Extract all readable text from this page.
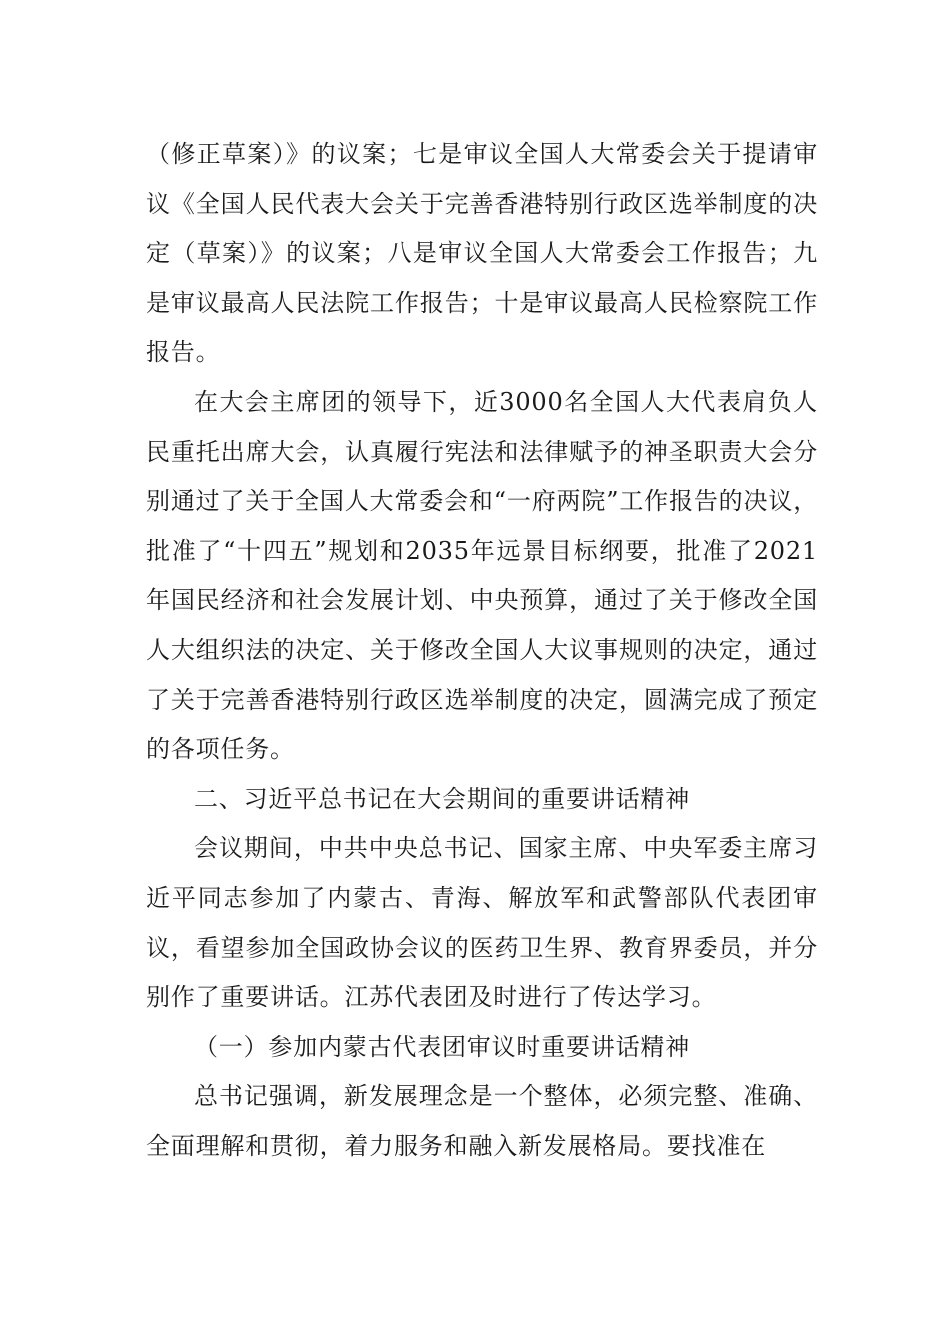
（修正草案）》的议案；七是审议全国人大常委会关于提请审议《全国人民代表大会关于完善香港特别行政区选举制度的决定（草案）》的议案；八是审议全国人大常委会工作报告；九是审议最高人民法院工作报告；十是审议最高人民检察院工作报告。

在大会主席团的领导下，近3000名全国人大代表肩负人民重托出席大会，认真履行宪法和法律赋予的神圣职责大会分别通过了关于全国人大常委会和“一府两院”工作报告的决议，批准了“十四五”规划和2035年远景目标纲要，批准了2021年国民经济和社会发展计划、中央预算，通过了关于修改全国人大组织法的决定、关于修改全国人大议事规则的决定，通过了关于完善香港特别行政区选举制度的决定，圆满完成了预定的各项任务。

二、习近平总书记在大会期间的重要讲话精神

会议期间，中共中央总书记、国家主席、中央军委主席习近平同志参加了内蒙古、青海、解放军和武警部队代表团审议，看望参加全国政协会议的医药卫生界、教育界委员，并分别作了重要讲话。江苏代表团及时进行了传达学习。

（一）参加内蒙古代表团审议时重要讲话精神

总书记强调，新发展理念是一个整体，必须完整、准确、全面理解和贯彻，着力服务和融入新发展格局。要找准在
